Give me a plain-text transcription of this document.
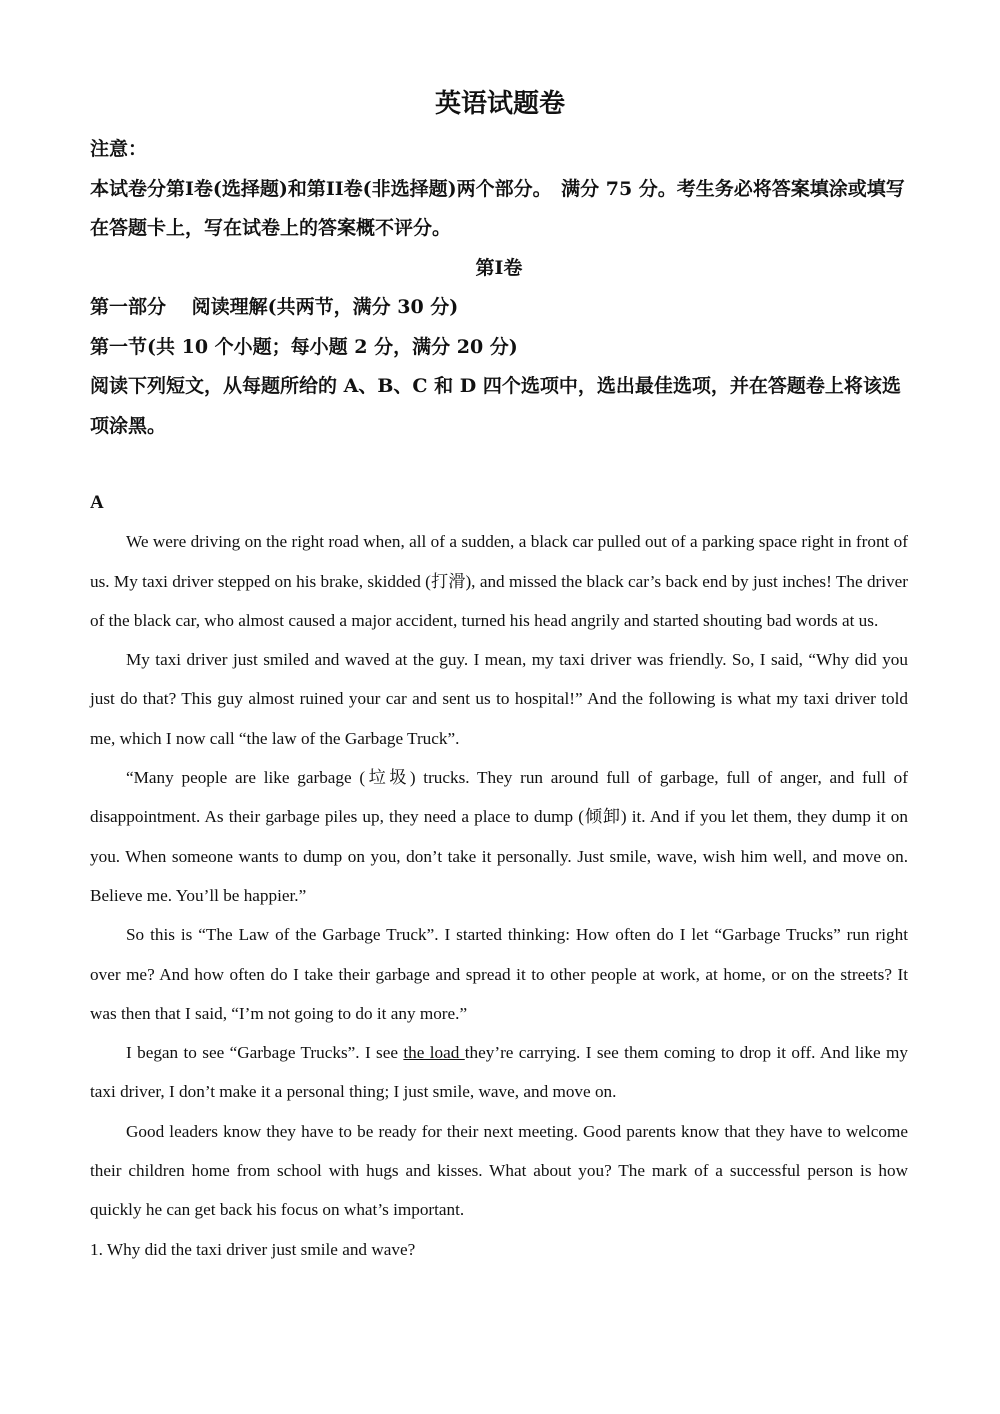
英语试题卷

注意：

本试卷分第I卷(选择题)和第II卷(非选择题)两个部分。　满分 75 分。考生务必将答案填涂或填写在答题卡上，写在试卷上的答案概不评分。

第I卷

第一部分　 阅读理解(共两节，满分 30 分)

第一节(共 10 个小题；每小题 2 分，满分 20 分)

阅读下列短文，从每题所给的 A、B、C 和 D 四个选项中，选出最佳选项，并在答题卷上将该选项涂黑。

A

We were driving on the right road when, all of a sudden, a black car pulled out of a parking space right in front of us. My taxi driver stepped on his brake, skidded (打滑), and missed the black car’s back end by just inches! The driver of the black car, who almost caused a major accident, turned his head angrily and started shouting bad words at us.

My taxi driver just smiled and waved at the guy. I mean, my taxi driver was friendly. So, I said, “Why did you just do that? This guy almost ruined your car and sent us to hospital!” And the following is what my taxi driver told me, which I now call “the law of the Garbage Truck”.

“Many people are like garbage (垃圾) trucks. They run around full of garbage, full of anger, and full of disappointment. As their garbage piles up, they need a place to dump (倾卸) it. And if you let them, they dump it on you. When someone wants to dump on you, don’t take it personally. Just smile, wave, wish him well, and move on. Believe me. You’ll be happier.”

So this is “The Law of the Garbage Truck”. I started thinking: How often do I let “Garbage Trucks” run right over me? And how often do I take their garbage and spread it to other people at work, at home, or on the streets? It was then that I said, “I’m not going to do it any more.”

I began to see “Garbage Trucks”. I see the load they’re carrying. I see them coming to drop it off. And like my taxi driver, I don’t make it a personal thing; I just smile, wave, and move on.

Good leaders know they have to be ready for their next meeting. Good parents know that they have to welcome their children home from school with hugs and kisses. What about you? The mark of a successful person is how quickly he can get back his focus on what’s important.

1. Why did the taxi driver just smile and wave?
